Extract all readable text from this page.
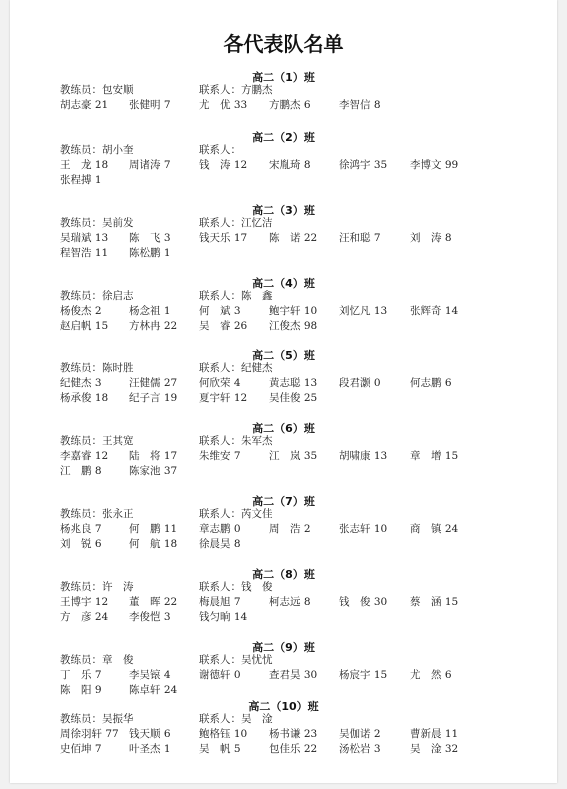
各代表队名单
高二（1）班
教练员：包安顺	联系人：方鹏杰
胡志豪 21 张健明 7	尤　优 33 方鹏杰 6	李智信 8
高二（2）班
教练员：胡小奎	联系人：
王　龙 18 周诸涛 7	钱　涛 12 宋胤琦 8	徐鸿宇 35 李博文 99
张程搏 1
高二（3）班
教练员：吴前发	联系人：江忆洁
吴瑞斌 13 陈　飞 3	钱天乐 17 陈　诺 22 汪和聪 7	刘　涛 8
程智浩 11 陈松鹏 1
高二（4）班
教练员：徐启志	联系人：陈　鑫
杨俊杰 2	杨念祖 1	何　斌 3	鲍宇轩 10 刘忆凡 13 张辉奇 14
赵启帆 15 方林冉 22 吴　睿 26 江俊杰 98
高二（5）班
教练员：陈时胜	联系人：纪健杰
纪健杰 3	汪健儒 27 何欣荣 4	黄志聪 13 段君灏 0	何志鹏 6
杨承俊 18 纪子言 19 夏宇轩 12 吴佳俊 25
高二（6）班
教练员：王其宽	联系人：朱军杰
李嘉睿 12 陆　将 17 朱维安 7	江　岚 35 胡啸康 13 章　增 15
江　鹏 8	陈家池 37
高二（7）班
教练员：张永正	联系人：芮文佳
杨兆良 7	何　鹏 11 章志鹏 0	周　浩 2	张志轩 10 商　镇 24
刘　锐 6	何　航 18 徐晨昊 8
高二（8）班
教练员：许　涛	联系人：钱　俊
王博宇 12 董　晖 22 梅晨旭 7	柯志远 8	钱　俊 30 蔡　涵 15
方　彦 24 李俊恺 3	钱匀晌 14
高二（9）班
教练员：章　俊	联系人：吴忧忧
丁　乐 7	李吴锿 4	谢德轩 0	查君昊 30 杨宸宇 15 尤　然 6
陈　阳 9	陈卓轩 24
高二（10）班
教练员：吴振华	联系人：吴　淦
周徐羽轩 77 钱天顺 6	鲍格钰 10 杨书谦 23 吴伽诺 2	曹新晨 11
史佰坤 7	叶圣杰 1	吴　帆 5	包佳乐 22 汤松岩 3	吴　淦 32
